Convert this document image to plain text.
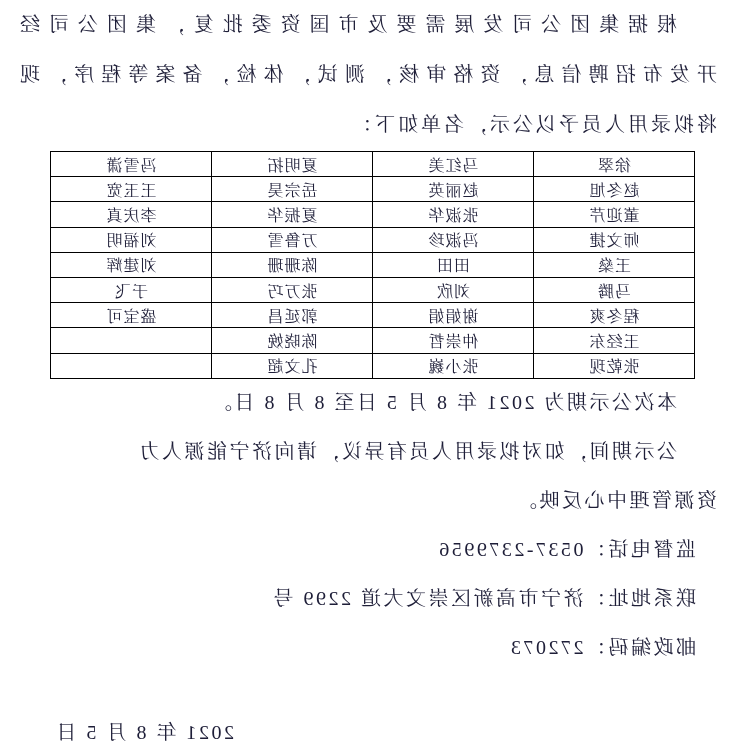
根据集团公司发展需要及市国资委批复，集团公司经
开发布招聘信息，资格审核，测试，体检，备案等程序，现
将拟录用人员予以公示，名单如下：
徐翠	马红美	夏明拓	冯雪潇
赵冬旭	赵丽英	岳宗昊	王玉宽
董迎芹	张淑华	夏振华	李庆真
师文捷	冯淑珍	万鲁雪	刘福明
王燊	田田	陈珊珊	刘建辉
马腾	刘欣	张万巧	于飞
程冬爽	谢娟娟	郭延昌	盛宝可
王经东	仲崇哲	陈晓娩	
张乾现	张小巍	孔文超	
本次公示期为 2021 年 8 月 5 日至 8 月 8 日。
公示期间，如对拟录用人员有异议，请向济宁能源人力
资源管理中心反映。
监督电话：0537-2379956
联系地址：济宁市高新区崇文大道 2299 号
邮政编码：272073
2021 年 8 月 5 日
